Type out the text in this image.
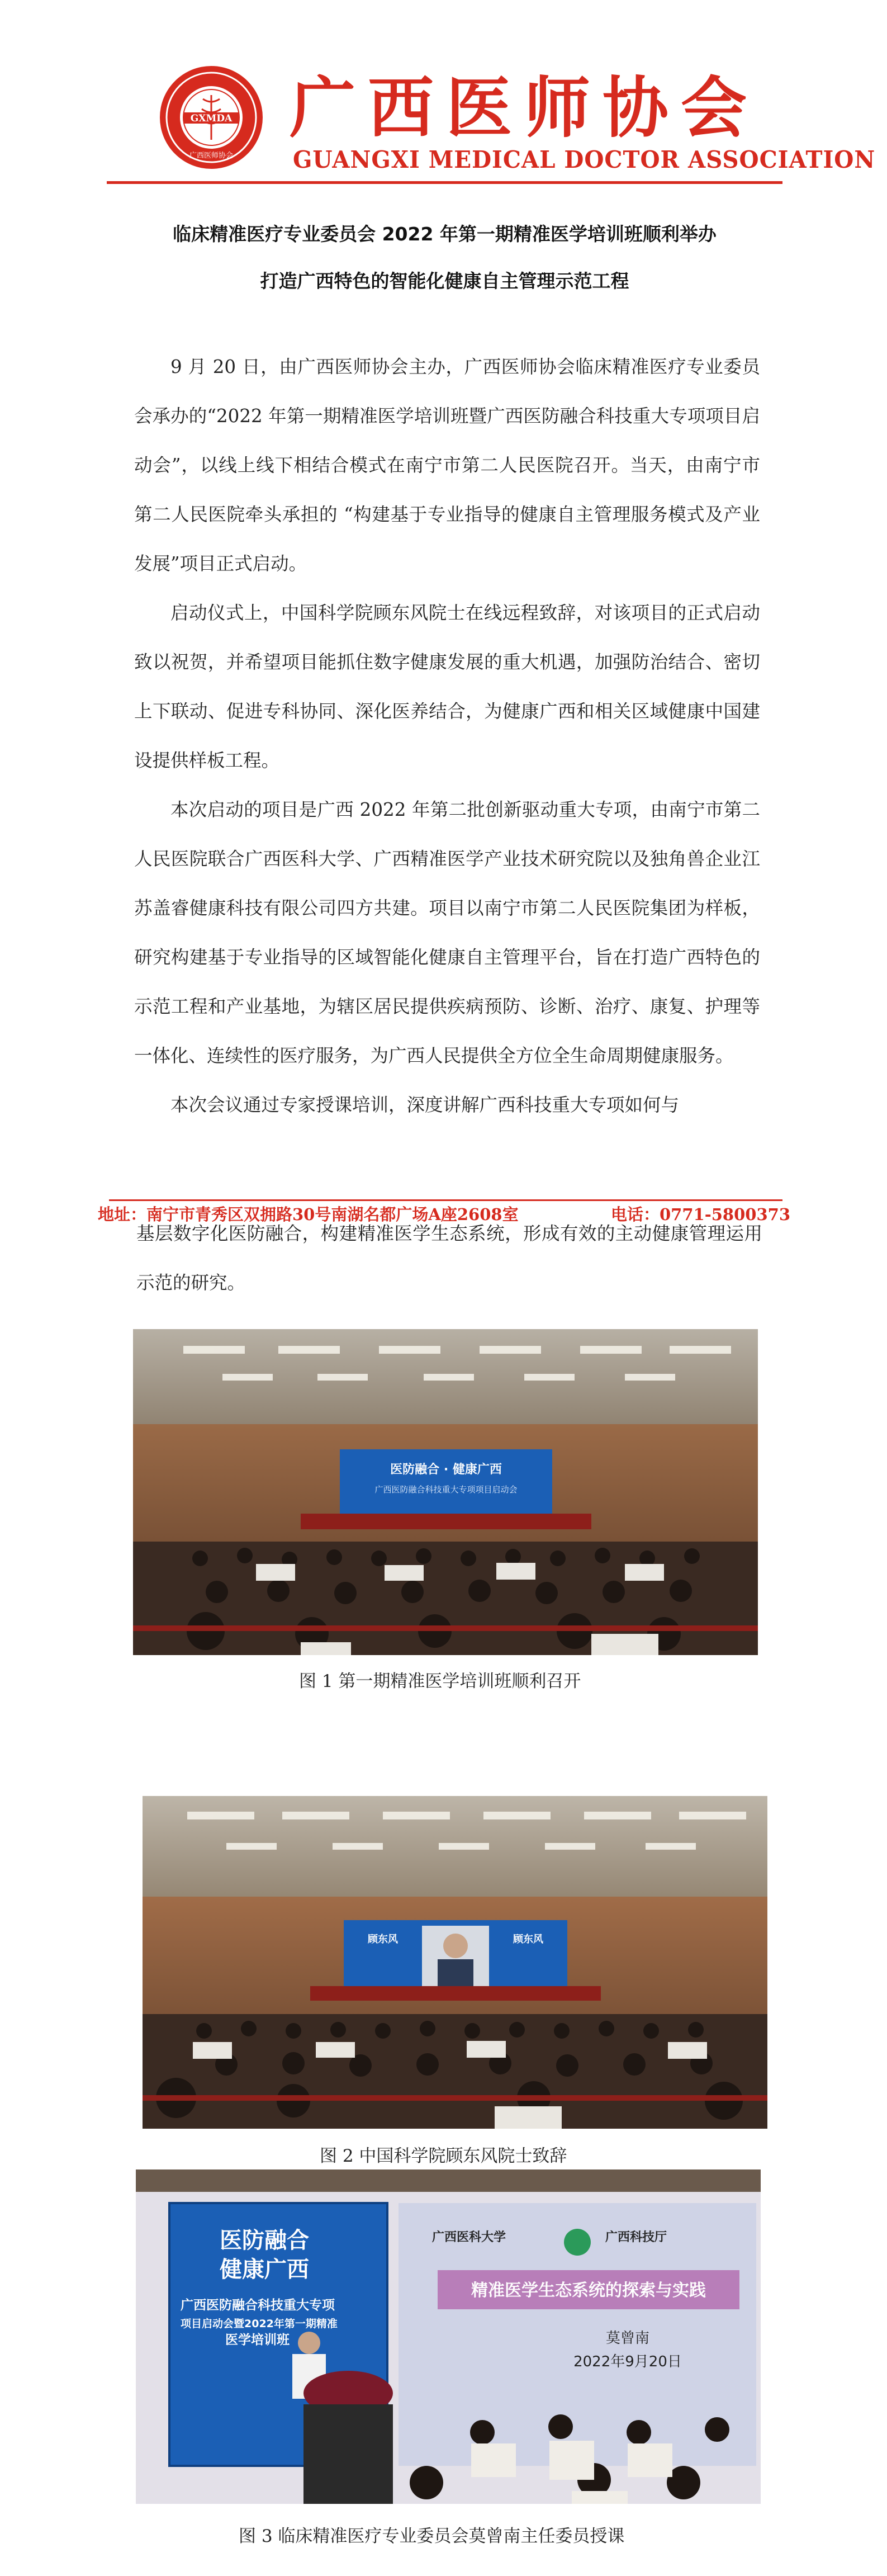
GXMDA
广西医师协会
广西医师协会
GUANGXI MEDICAL DOCTOR ASSOCIATION
临床精准医疗专业委员会 2022 年第一期精准医学培训班顺利举办
打造广西特色的智能化健康自主管理示范工程
9 月 20 日，由广西医师协会主办，广西医师协会临床精准医疗专业委员会承办的“2022 年第一期精准医学培训班暨广西医防融合科技重大专项项目启动会”，以线上线下相结合模式在南宁市第二人民医院召开。当天，由南宁市第二人民医院牵头承担的 “构建基于专业指导的健康自主管理服务模式及产业发展”项目正式启动。
启动仪式上，中国科学院顾东风院士在线远程致辞，对该项目的正式启动致以祝贺，并希望项目能抓住数字健康发展的重大机遇，加强防治结合、密切上下联动、促进专科协同、深化医养结合，为健康广西和相关区域健康中国建设提供样板工程。
本次启动的项目是广西 2022 年第二批创新驱动重大专项，由南宁市第二人民医院联合广西医科大学、广西精准医学产业技术研究院以及独角兽企业江苏盖睿健康科技有限公司四方共建。项目以南宁市第二人民医院集团为样板，研究构建基于专业指导的区域智能化健康自主管理平台，旨在打造广西特色的示范工程和产业基地，为辖区居民提供疾病预防、诊断、治疗、康复、护理等一体化、连续性的医疗服务，为广西人民提供全方位全生命周期健康服务。
本次会议通过专家授课培训，深度讲解广西科技重大专项如何与
地址：南宁市青秀区双拥路30号南湖名都广场A座2608室	电话：0771-5800373
基层数字化医防融合，构建精准医学生态系统，形成有效的主动健康管理运用示范的研究。
医防融合 · 健康广西
广西医防融合科技重大专项项目启动会
图 1 第一期精准医学培训班顺利召开
顾东风	顾东风
图 2 中国科学院顾东风院士致辞
医防融合
健康广西
广西医防融合科技重大专项
项目启动会暨2022年第一期精准
医学培训班
广西医科大学	广西科技厅
精准医学生态系统的探索与实践
莫曾南
2022年9月20日
图 3 临床精准医疗专业委员会莫曾南主任委员授课
